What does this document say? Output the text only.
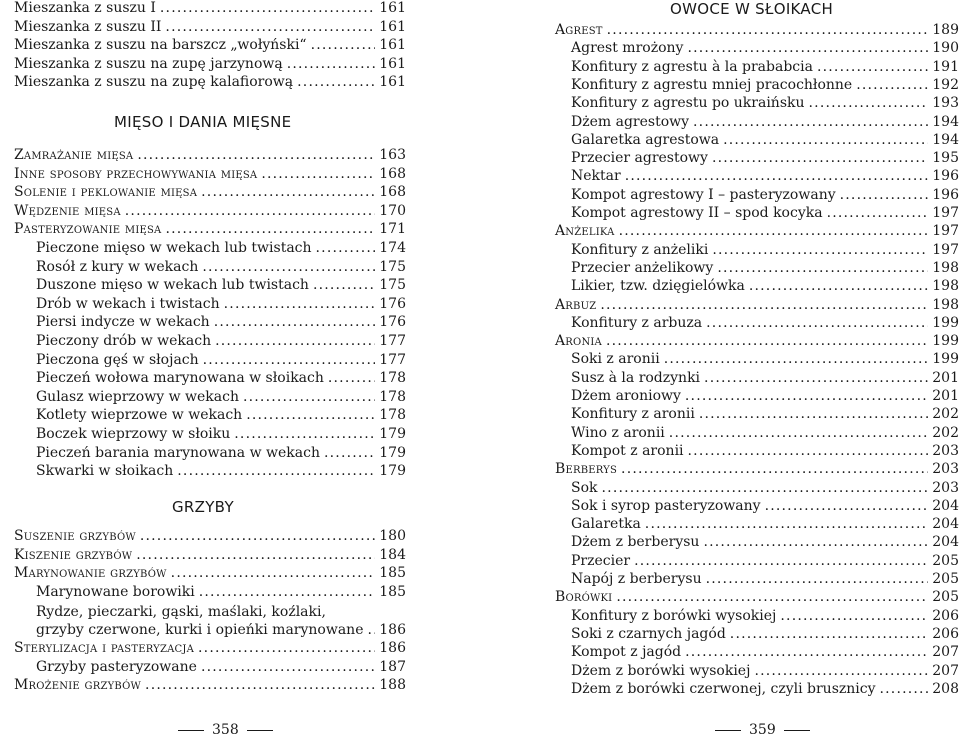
Mieszanka z suszu I .....	161
Mieszanka z suszu II .....	161
Mieszanka z suszu na barszcz „wołyński“ .....	161
Mieszanka z suszu na zupę jarzynową .....	161
Mieszanka z suszu na zupę kalafiorową .....	161
MIĘSO I DANIA MIĘSNE
Zamrażanie mięsa .....	163
Inne sposoby przechowywania mięsa .....	168
Solenie i peklowanie mięsa .....	168
Wędzenie mięsa .....	170
Pasteryzowanie mięsa .....	171
Pieczone mięso w wekach lub twistach .....	174
Rosół z kury w wekach .....	175
Duszone mięso w wekach lub twistach .....	175
Drób w wekach i twistach .....	176
Piersi indycze w wekach .....	176
Pieczony drób w wekach .....	177
Pieczona gęś w słojach .....	177
Pieczeń wołowa marynowana w słoikach .....	178
Gulasz wieprzowy w wekach .....	178
Kotlety wieprzowe w wekach .....	178
Boczek wieprzowy w słoiku .....	179
Pieczeń barania marynowana w wekach .....	179
Skwarki w słoikach .....	179
GRZYBY
Suszenie grzybów .....	180
Kiszenie grzybów .....	184
Marynowanie grzybów .....	185
Marynowane borowiki .....	185
Rydze, pieczarki, gąski, maślaki, koźlaki,
grzyby czerwone, kurki i opieńki marynowane ..... 186
Sterylizacja i pasteryzacja .....	186
Grzyby pasteryzowane .....	187
Mrożenie grzybów .....	188
358
OWOCE W SŁOIKACH
Agrest .....	189
Agrest mrożony .....	190
Konfitury z agrestu à la prababcia .....	191
Konfitury z agrestu mniej pracochłonne .....	192
Konfitury z agrestu po ukraińsku .....	193
Dżem agrestowy .....	194
Galaretka agrestowa .....	194
Przecier agrestowy .....	195
Nektar .....	196
Kompot agrestowy I – pasteryzowany .....	196
Kompot agrestowy II – spod kocyka .....	197
Anżelika .....	197
Konfitury z anżeliki .....	197
Przecier anżelikowy .....	198
Likier, tzw. dzięgielówka .....	198
Arbuz .....	198
Konfitury z arbuza .....	199
Aronia .....	199
Soki z aronii .....	199
Susz à la rodzynki .....	201
Dżem aroniowy .....	201
Konfitury z aronii .....	202
Wino z aronii .....	202
Kompot z aronii .....	203
Berberys .....	203
Sok .....	203
Sok i syrop pasteryzowany .....	204
Galaretka .....	204
Dżem z berberysu .....	204
Przecier .....	205
Napój z berberysu .....	205
Borówki .....	205
Konfitury z borówki wysokiej .....	206
Soki z czarnych jagód .....	206
Kompot z jagód .....	207
Dżem z borówki wysokiej .....	207
Dżem z borówki czerwonej, czyli brusznicy .....	208
359
